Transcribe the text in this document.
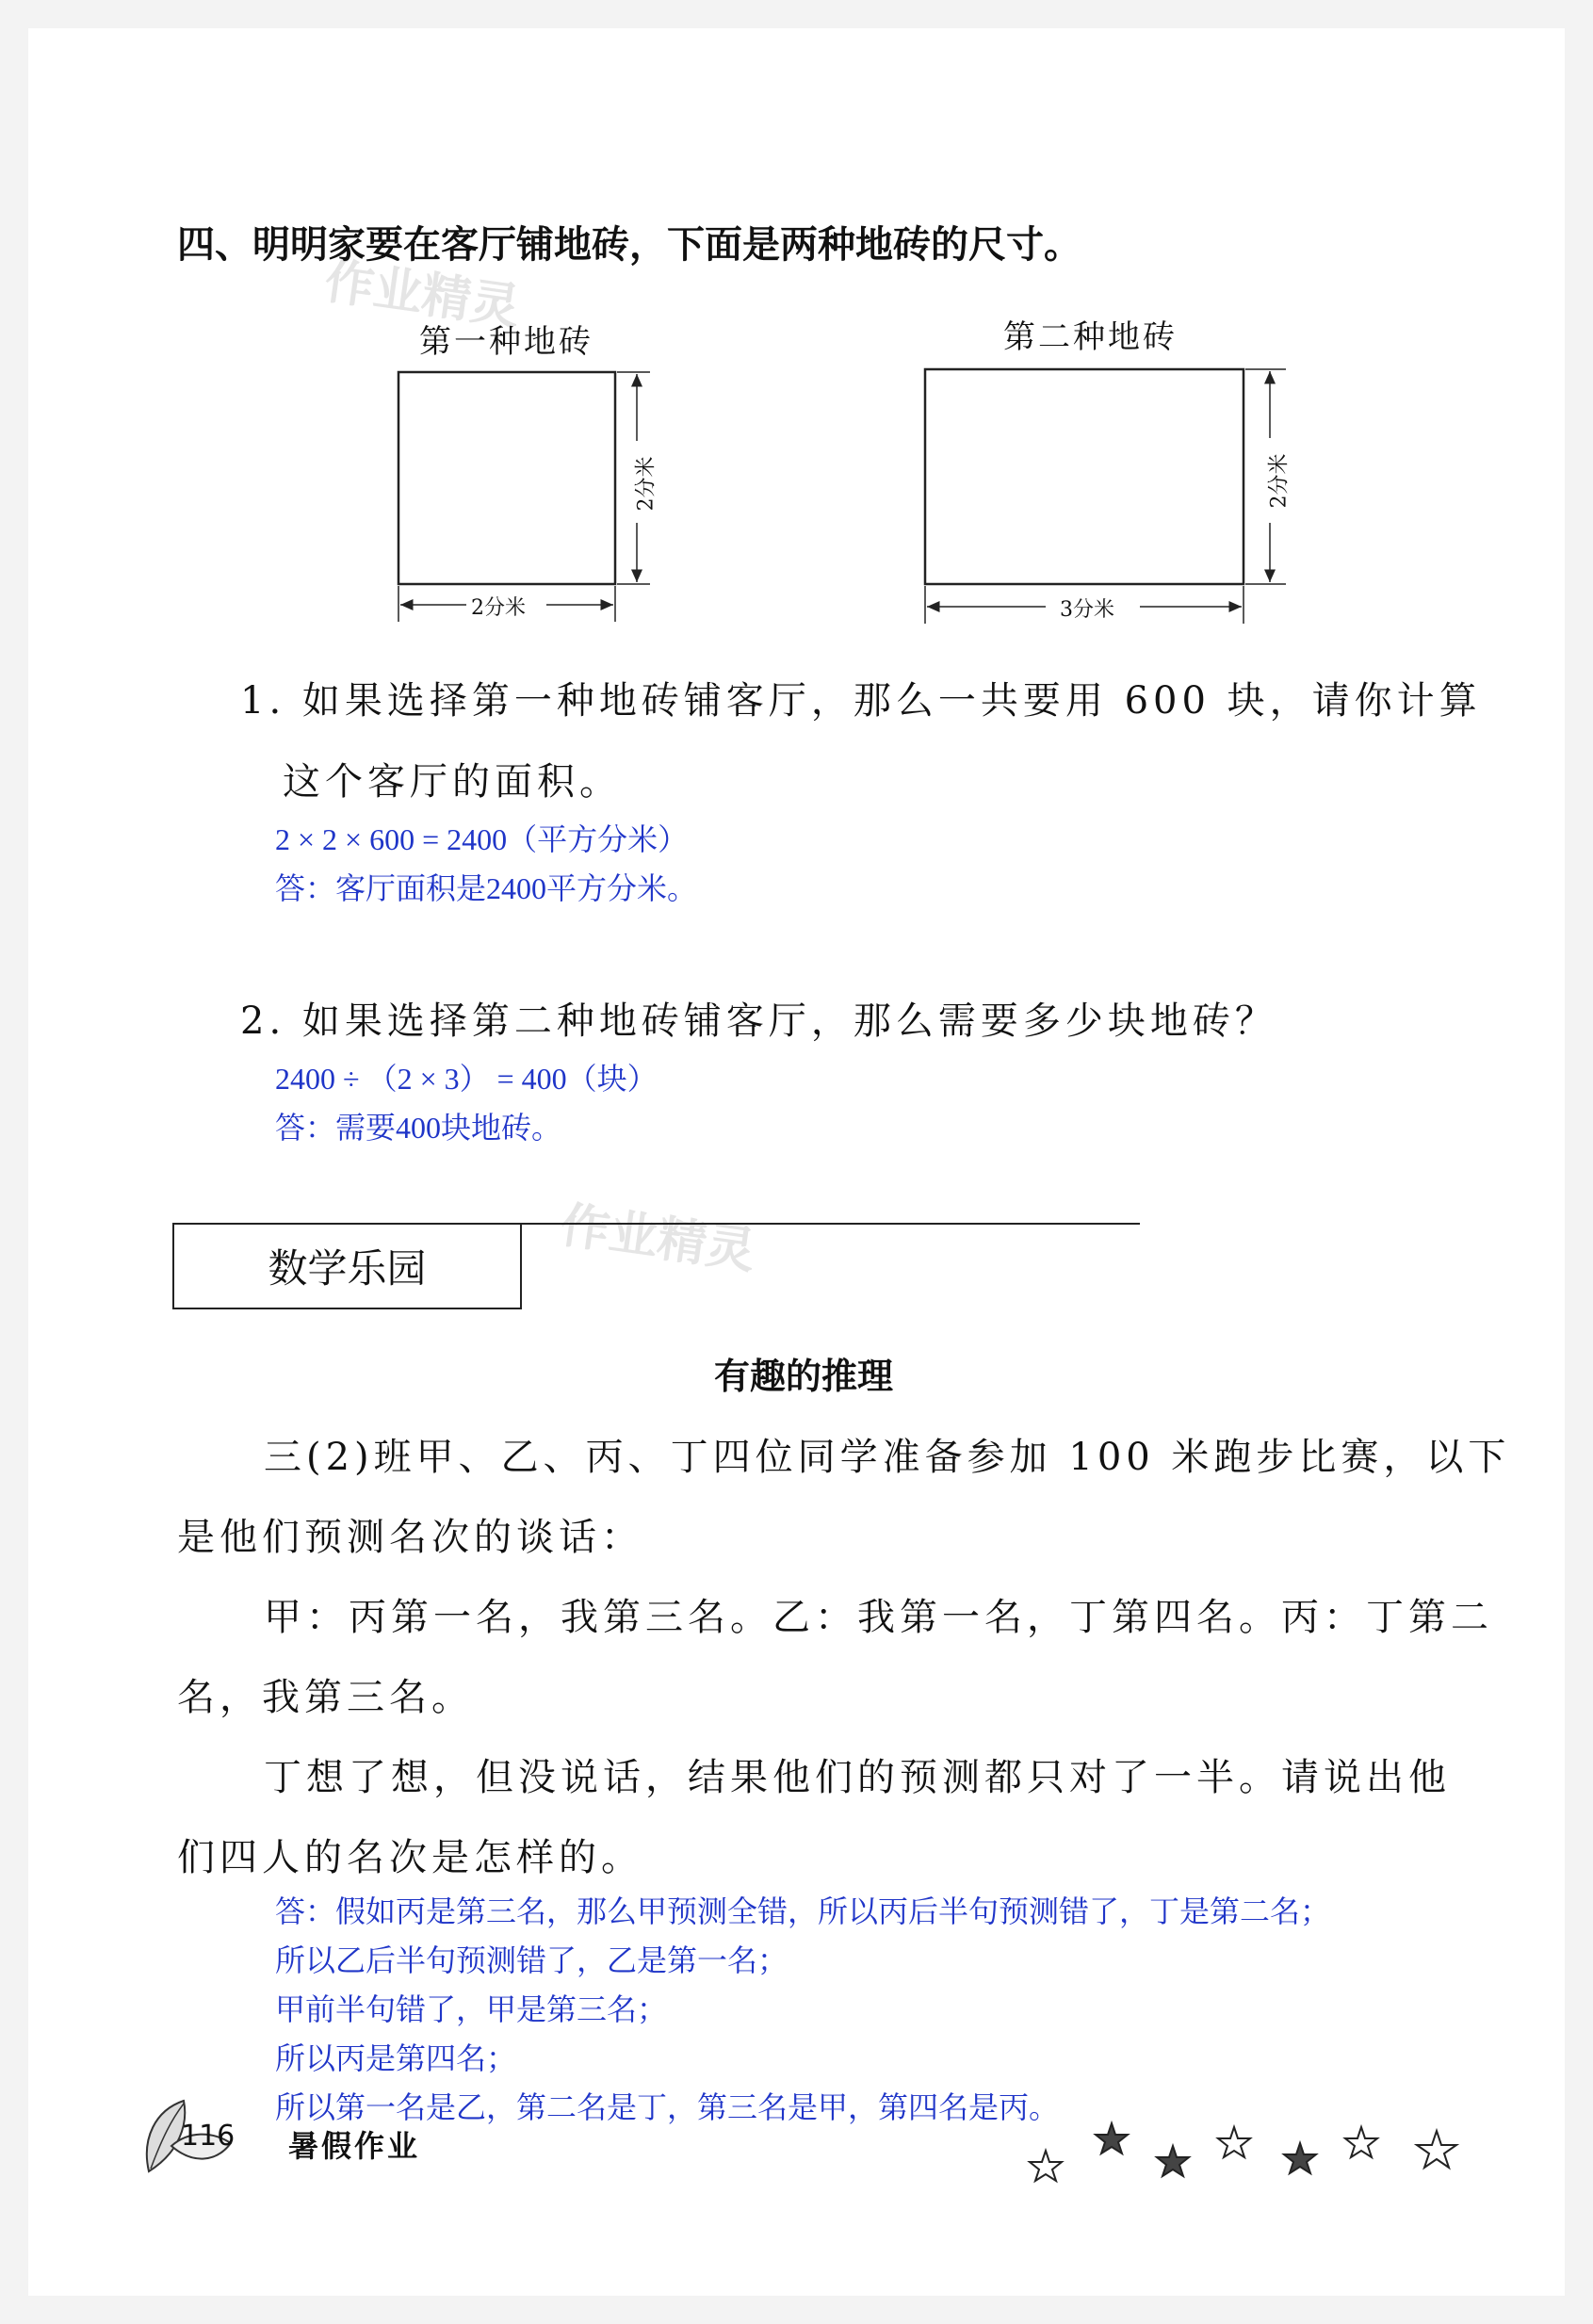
作业精灵
作业精灵
四、明明家要在客厅铺地砖，下面是两种地砖的尺寸。
第一种地砖	第二种地砖
2分米
2分米
3分米
2分米
1. 如果选择第一种地砖铺客厅，那么一共要用 600 块，请你计算
这个客厅的面积。
2 × 2 × 600 = 2400（平方分米）
答：客厅面积是2400平方分米。
2. 如果选择第二种地砖铺客厅，那么需要多少块地砖？
2400 ÷ （2 × 3） = 400（块）
答：需要400块地砖。
数学乐园
有趣的推理
三(2)班甲、乙、丙、丁四位同学准备参加 100 米跑步比赛，以下
是他们预测名次的谈话：
甲：丙第一名，我第三名。乙：我第一名，丁第四名。丙：丁第二
名，我第三名。
丁想了想，但没说话，结果他们的预测都只对了一半。请说出他
们四人的名次是怎样的。
答：假如丙是第三名，那么甲预测全错，所以丙后半句预测错了，丁是第二名；
所以乙后半句预测错了，乙是第一名；
甲前半句错了，甲是第三名；
所以丙是第四名；
所以第一名是乙，第二名是丁，第三名是甲，第四名是丙。
116 暑假作业
